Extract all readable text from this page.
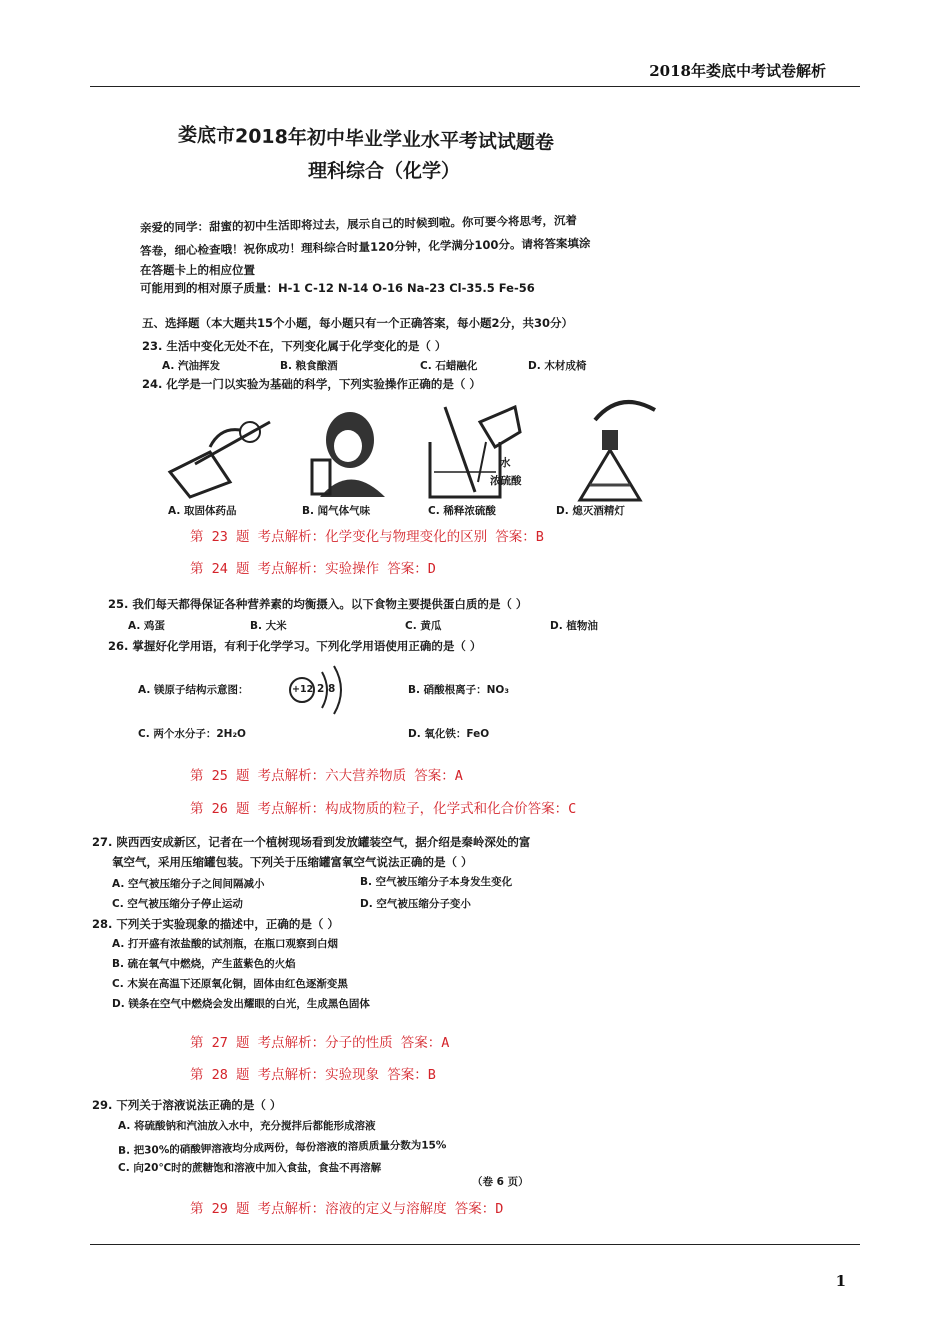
2018年娄底中考试卷解析
娄底市2018年初中毕业学业水平考试试题卷
理科综合（化学）
亲爱的同学：甜蜜的初中生活即将过去，展示自己的时候到啦。你可要今将思考，沉着
答卷，细心检查哦！祝你成功！理科综合时量120分钟，化学满分100分。请将答案填涂
在答题卡上的相应位置
可能用到的相对原子质量：H-1 C-12 N-14 O-16 Na-23 Cl-35.5 Fe-56
五、选择题（本大题共15个小题，每小题只有一个正确答案，每小题2分，共30分）
23. 生活中变化无处不在，下列变化属于化学变化的是（ ）
A. 汽油挥发	B. 粮食酿酒	C. 石蜡融化	D. 木材成椅
24. 化学是一门以实验为基础的科学，下列实验操作正确的是（ ）
水
浓硫酸
A. 取固体药品	B. 闻气体气味	C. 稀释浓硫酸	D. 熄灭酒精灯
第 23 题 考点解析：化学变化与物理变化的区别 答案：B
第 24 题 考点解析：实验操作 答案：D
25. 我们每天都得保证各种营养素的均衡摄入。以下食物主要提供蛋白质的是（ ）
A. 鸡蛋	B. 大米	C. 黄瓜	D. 植物油
26. 掌握好化学用语，有利于化学学习。下列化学用语使用正确的是（ ）
A. 镁原子结构示意图：	+12 2 8	B. 硝酸根离子：NO₃
C. 两个水分子：2H₂O	D. 氧化铁：FeO
第 25 题 考点解析：六大营养物质 答案：A
第 26 题 考点解析：构成物质的粒子，化学式和化合价答案：C
27. 陕西西安成新区，记者在一个植树现场看到发放罐装空气，据介绍是秦岭深处的富
氧空气，采用压缩罐包装。下列关于压缩罐富氧空气说法正确的是（ ）
A. 空气被压缩分子之间间隔减小	B. 空气被压缩分子本身发生变化
C. 空气被压缩分子停止运动	D. 空气被压缩分子变小
28. 下列关于实验现象的描述中，正确的是（ ）
A. 打开盛有浓盐酸的试剂瓶，在瓶口观察到白烟
B. 硫在氧气中燃烧，产生蓝紫色的火焰
C. 木炭在高温下还原氧化铜，固体由红色逐渐变黑
D. 镁条在空气中燃烧会发出耀眼的白光，生成黑色固体
第 27 题 考点解析：分子的性质 答案：A
第 28 题 考点解析：实验现象 答案：B
29. 下列关于溶液说法正确的是（ ）
A. 将硫酸钠和汽油放入水中，充分搅拌后都能形成溶液
B. 把30%的硝酸钾溶液均分成两份，每份溶液的溶质质量分数为15%
C. 向20℃时的蔗糖饱和溶液中加入食盐，食盐不再溶解
（卷 6 页）
第 29 题 考点解析：溶液的定义与溶解度 答案：D
1
